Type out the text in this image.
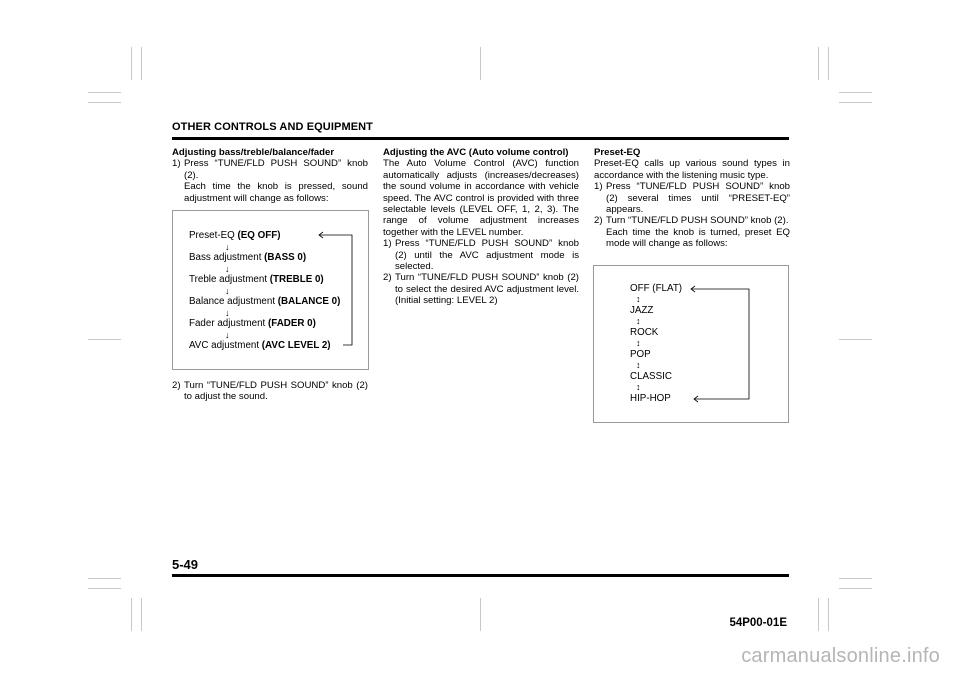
OTHER CONTROLS AND EQUIPMENT

Adjusting bass/treble/balance/fader

1) Press “TUNE/FLD PUSH SOUND” knob (2).

Each time the knob is pressed, sound adjustment will change as follows:

Preset-EQ (EQ OFF)
↓
Bass adjustment (BASS 0)
↓
Treble adjustment (TREBLE 0)
↓
Balance adjustment (BALANCE 0)
↓
Fader adjustment (FADER 0)
↓
AVC adjustment (AVC LEVEL 2)
2) Turn “TUNE/FLD PUSH SOUND” knob (2) to adjust the sound.

Adjusting the AVC (Auto volume control)

The Auto Volume Control (AVC) function automatically adjusts (increases/decreases) the sound volume in accordance with vehicle speed. The AVC control is provided with three selectable levels (LEVEL OFF, 1, 2, 3). The range of volume adjustment increases together with the LEVEL number.

1) Press “TUNE/FLD PUSH SOUND” knob (2) until the AVC adjustment mode is selected.
2) Turn “TUNE/FLD PUSH SOUND” knob (2) to select the desired AVC adjustment level. (Initial setting: LEVEL 2)

Preset-EQ

Preset-EQ calls up various sound types in accordance with the listening music type.

1) Press “TUNE/FLD PUSH SOUND” knob (2) several times until “PRESET-EQ” appears.
2) Turn “TUNE/FLD PUSH SOUND” knob (2).

Each time the knob is turned, preset EQ mode will change as follows:

OFF (FLAT)
↕
JAZZ
↕
ROCK
↕
POP
↕
CLASSIC
↕
HIP-HOP
5-49
54P00-01E
carmanualsonline.info
